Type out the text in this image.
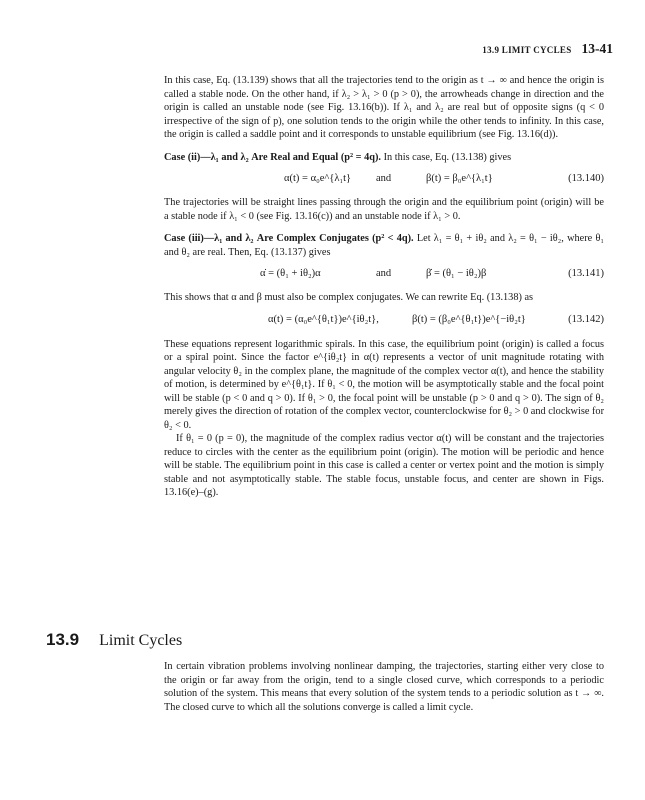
13.9 LIMIT CYCLES 13-41

In this case, Eq. (13.139) shows that all the trajectories tend to the origin as t → ∞ and hence the origin is called a stable node. On the other hand, if λ₂ > λ₁ > 0 (p > 0), the arrowheads change in direction and the origin is called an unstable node (see Fig. 13.16(b)). If λ₁ and λ₂ are real but of opposite signs (q < 0 irrespective of the sign of p), one solution tends to the origin while the other tends to infinity. In this case, the origin is called a saddle point and it corresponds to unstable equilibrium (see Fig. 13.16(d)).

Case (ii)—λ₁ and λ₂ Are Real and Equal (p² = 4q). In this case, Eq. (13.138) gives

α(t) = α₀e^{λ₁t} and	β(t) = β₀e^{λ₁t}	(13.140)

The trajectories will be straight lines passing through the origin and the equilibrium point (origin) will be a stable node if λ₁ < 0 (see Fig. 13.16(c)) and an unstable node if λ₁ > 0.

Case (iii)—λ₁ and λ₂ Are Complex Conjugates (p² < 4q). Let λ₁ = θ₁ + iθ₂ and λ₂ = θ₁ − iθ₂, where θ₁ and θ₂ are real. Then, Eq. (13.137) gives

α̇ = (θ₁ + iθ₂)α	and	β̇ = (θ₁ − iθ₂)β	(13.141)

This shows that α and β must also be complex conjugates. We can rewrite Eq. (13.138) as

α(t) = (α₀e^{θ₁t})e^{iθ₂t},	β(t) = (β₀e^{θ₁t})e^{−iθ₂t}	(13.142)

These equations represent logarithmic spirals. In this case, the equilibrium point (origin) is called a focus or a spiral point. Since the factor e^{iθ₂t} in α(t) represents a vector of unit magnitude rotating with angular velocity θ₂ in the complex plane, the magnitude of the complex vector α(t), and hence the stability of motion, is determined by e^{θ₁t}. If θ₁ < 0, the motion will be asymptotically stable and the focal point will be stable (p < 0 and q > 0). If θ₁ > 0, the focal point will be unstable (p > 0 and q > 0). The sign of θ₂ merely gives the direction of rotation of the complex vector, counterclockwise for θ₂ > 0 and clockwise for θ₂ < 0.

If θ₁ = 0 (p = 0), the magnitude of the complex radius vector α(t) will be constant and the trajectories reduce to circles with the center as the equilibrium point (origin). The motion will be periodic and hence will be stable. The equilibrium point in this case is called a center or vertex point and the motion is simply stable and not asymptotically stable. The stable focus, unstable focus, and center are shown in Figs. 13.16(e)–(g).

13.9 Limit Cycles

In certain vibration problems involving nonlinear damping, the trajectories, starting either very close to the origin or far away from the origin, tend to a single closed curve, which corresponds to a periodic solution of the system. This means that every solution of the system tends to a periodic solution as t → ∞. The closed curve to which all the solutions converge is called a limit cycle.
